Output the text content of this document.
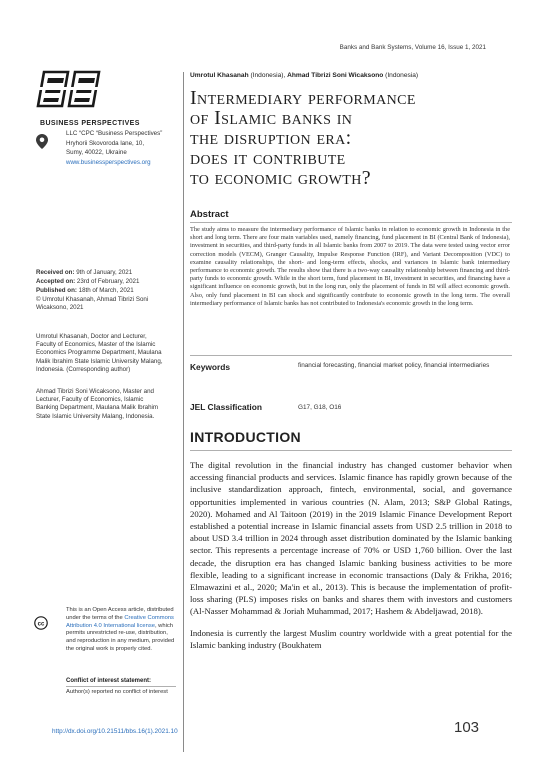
Banks and Bank Systems, Volume 16, Issue 1, 2021
BUSINESS PERSPECTIVES
LLC “CPC “Business Perspectives”
Hryhorii Skovoroda lane, 10,
Sumy, 40022, Ukraine
www.businessperspectives.org
Umrotul Khasanah (Indonesia), Ahmad Tibrizi Soni Wicaksono (Indonesia)
Intermediary performance
of Islamic banks in
the disruption era:
does it contribute
to economic growth?
Abstract
The study aims to measure the intermediary performance of Islamic banks in relation to economic growth in Indonesia in the short and long term. There are four main variables used, namely financing, fund placement in BI (Central Bank of Indonesia), investment in securities, and third-party funds in all Islamic banks from 2007 to 2019. The data were tested using vector error correction models (VECM), Granger Causality, Impulse Response Function (IRF), and Variant Decomposition (VDC) to examine causality relationships, the short- and long-term effects, shocks, and variances in Islamic bank intermediary performance to economic growth. The results show that there is a two-way causality relationship between financing and third-party funds to economic growth. While in the short term, fund placement in BI, investment in securities, and financing have a significant influence on economic growth, but in the long run, only the placement of funds in BI will affect economic growth. Also, only fund placement in BI can shock and significantly contribute to economic growth in the long term. The overall intermediary performance of Islamic banks has not contributed to Indonesia's economic growth in the long term.
Received on: 9th of January, 2021
Accepted on: 23rd of February, 2021
Published on: 18th of March, 2021
© Umrotul Khasanah, Ahmad Tibrizi Soni Wicaksono, 2021
Umrotul Khasanah, Doctor and Lecturer, Faculty of Economics, Master of the Islamic Economics Programme Department, Maulana Malik Ibrahim State Islamic University Malang, Indonesia. (Corresponding author)
Ahmad Tibrizi Soni Wicaksono, Master and Lecturer, Faculty of Economics, Islamic Banking Department, Maulana Malik Ibrahim State Islamic University Malang, Indonesia.
Keywords	financial forecasting, financial market policy, financial intermediaries
JEL Classification	G17, G18, O16
INTRODUCTION

The digital revolution in the financial industry has changed customer behavior when accessing financial products and services. Islamic finance has rapidly grown because of the inclusive standardization approach, fintech, environmental, social, and governance opportunities implemented in various countries (N. Alam, 2013; S&P Global Ratings, 2020). Mohamed and Al Taitoon (2019) in the 2019 Islamic Finance Development Report established a potential increase in Islamic financial assets from USD 2.5 trillion in 2018 to about USD 3.4 trillion in 2024 through asset distribution dominated by the Islamic banking sector. This represents a percentage increase of 70% or USD 1,760 billion. Over the last decade, the disruption era has changed Islamic banking business activities to be more flexible, leading to a significant increase in economic transactions (Daly & Frikha, 2016; Elmawazini et al., 2020; Ma'in et al., 2013). This is because the implementation of profit-loss sharing (PLS) imposes risks on banks and shares them with investors and customers (Al-Nasser Mohammad & Joriah Muhammad, 2017; Hashem & Abdeljawad, 2018).

Indonesia is currently the largest Muslim country worldwide with a great potential for the Islamic banking industry (Boukhatem

cc
This is an Open Access article, distributed under the terms of the Creative Commons Attribution 4.0 International license, which permits unrestricted re-use, distribution, and reproduction in any medium, provided the original work is properly cited.
Conflict of interest statement:
Author(s) reported no conflict of interest
http://dx.doi.org/10.21511/bbs.16(1).2021.10	103
